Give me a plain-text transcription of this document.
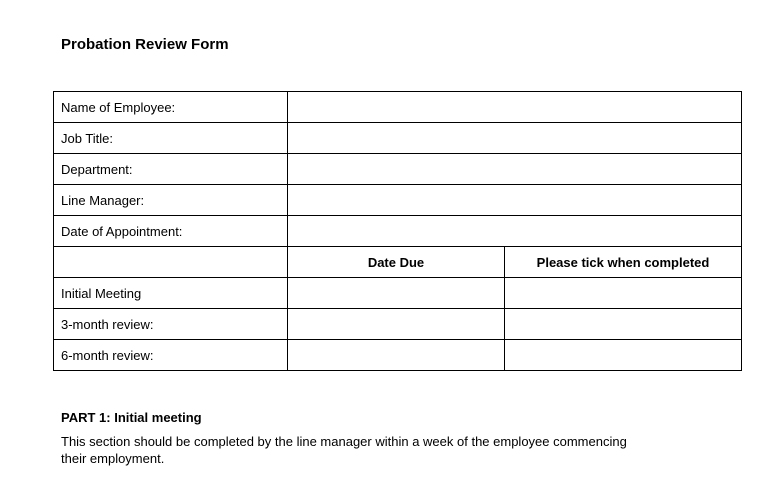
Probation Review Form
Name of Employee:		
Job Title:		
Department:		
Line Manager:		
Date of Appointment:		
	Date Due	Please tick when completed
Initial Meeting		
3-month review:		
6-month review:		
PART 1: Initial meeting
This section should be completed by the line manager within a week of the employee commencing
their employment.
